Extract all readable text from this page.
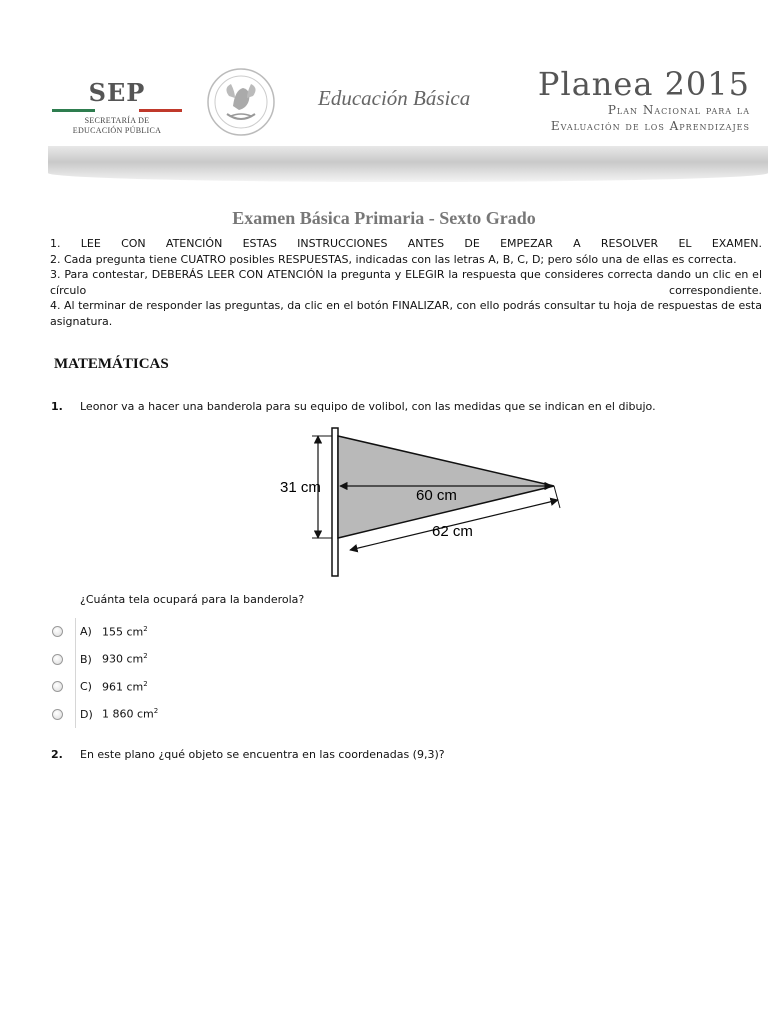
SEP
SECRETARÍA DE
EDUCACIÓN PÚBLICA
Educación Básica	Planea 2015
Plan Nacional para la
Evaluación de los Aprendizajes
Examen Básica Primaria - Sexto Grado

1. LEE CON ATENCIÓN ESTAS INSTRUCCIONES ANTES DE EMPEZAR A RESOLVER EL EXAMEN.

2. Cada pregunta tiene CUATRO posibles RESPUESTAS, indicadas con las letras A, B, C, D; pero sólo una de ellas es correcta.

3. Para contestar, DEBERÁS LEER CON ATENCIÓN la pregunta y ELEGIR la respuesta que consideres correcta dando un clic en el círculo correspondiente.

4. Al terminar de responder las preguntas, da clic en el botón FINALIZAR, con ello podrás consultar tu hoja de respuestas de esta asignatura.

MATEMÁTICAS
1. Leonor va a hacer una banderola para su equipo de volibol, con las medidas que se indican en el dibujo.
31 cm	60 cm
62 cm
¿Cuánta tela ocupará para la banderola?
A) 155 $cm^2$
B) 930 $cm^2$
C) 961 $cm^2$
D) 1 860 $cm^2$
2. En este plano ¿qué objeto se encuentra en las coordenadas (9,3)?
